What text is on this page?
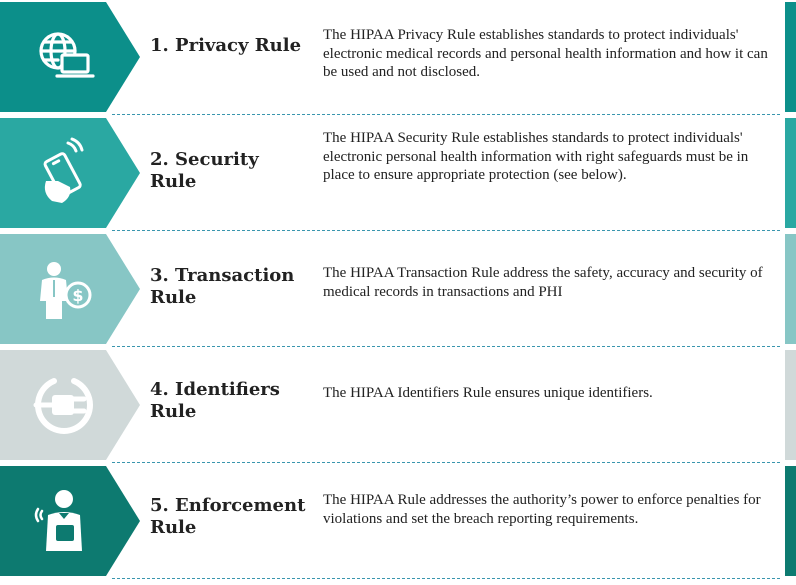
1. Privacy Rule	The HIPAA Privacy Rule establishes standards to protect individuals' electronic medical records and personal health information and how it can be used and not disclosed.
2. Security Rule
The HIPAA Security Rule establishes standards to protect individuals' electronic personal health information with right safeguards must be in place to ensure appropriate protection (see below).
$
3. Transaction Rule
The HIPAA Transaction Rule address the safety, accuracy and security of medical records in transactions and PHI
4. Identifiers Rule
The HIPAA Identifiers Rule ensures unique identifiers.
5. Enforcement Rule
The HIPAA Rule addresses the authority’s power to enforce penalties for violations and set the breach reporting requirements.
